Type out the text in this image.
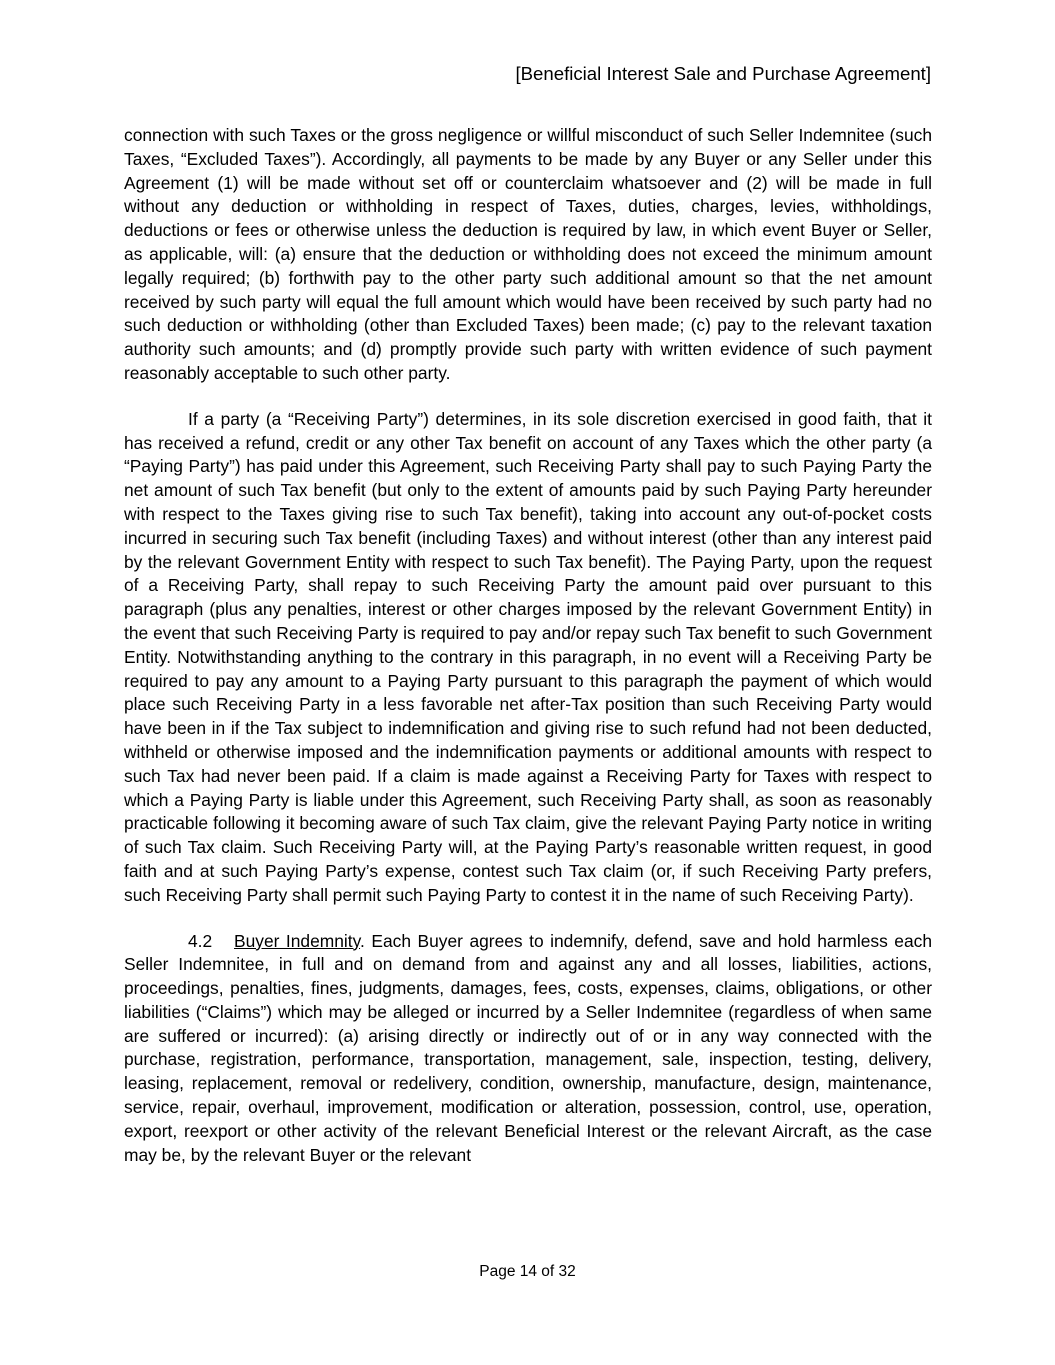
[Beneficial Interest Sale and Purchase Agreement]

connection with such Taxes or the gross negligence or willful misconduct of such Seller Indemnitee (such Taxes, “Excluded Taxes”). Accordingly, all payments to be made by any Buyer or any Seller under this Agreement (1) will be made without set off or counterclaim whatsoever and (2) will be made in full without any deduction or withholding in respect of Taxes, duties, charges, levies, withholdings, deductions or fees or otherwise unless the deduction is required by law, in which event Buyer or Seller, as applicable, will: (a) ensure that the deduction or withholding does not exceed the minimum amount legally required; (b) forthwith pay to the other party such additional amount so that the net amount received by such party will equal the full amount which would have been received by such party had no such deduction or withholding (other than Excluded Taxes) been made; (c) pay to the relevant taxation authority such amounts; and (d) promptly provide such party with written evidence of such payment reasonably acceptable to such other party.

If a party (a “Receiving Party”) determines, in its sole discretion exercised in good faith, that it has received a refund, credit or any other Tax benefit on account of any Taxes which the other party (a “Paying Party”) has paid under this Agreement, such Receiving Party shall pay to such Paying Party the net amount of such Tax benefit (but only to the extent of amounts paid by such Paying Party hereunder with respect to the Taxes giving rise to such Tax benefit), taking into account any out-of-pocket costs incurred in securing such Tax benefit (including Taxes) and without interest (other than any interest paid by the relevant Government Entity with respect to such Tax benefit). The Paying Party, upon the request of a Receiving Party, shall repay to such Receiving Party the amount paid over pursuant to this paragraph (plus any penalties, interest or other charges imposed by the relevant Government Entity) in the event that such Receiving Party is required to pay and/or repay such Tax benefit to such Government Entity. Notwithstanding anything to the contrary in this paragraph, in no event will a Receiving Party be required to pay any amount to a Paying Party pursuant to this paragraph the payment of which would place such Receiving Party in a less favorable net after-Tax position than such Receiving Party would have been in if the Tax subject to indemnification and giving rise to such refund had not been deducted, withheld or otherwise imposed and the indemnification payments or additional amounts with respect to such Tax had never been paid. If a claim is made against a Receiving Party for Taxes with respect to which a Paying Party is liable under this Agreement, such Receiving Party shall, as soon as reasonably practicable following it becoming aware of such Tax claim, give the relevant Paying Party notice in writing of such Tax claim. Such Receiving Party will, at the Paying Party’s reasonable written request, in good faith and at such Paying Party’s expense, contest such Tax claim (or, if such Receiving Party prefers, such Receiving Party shall permit such Paying Party to contest it in the name of such Receiving Party).

4.2 Buyer Indemnity. Each Buyer agrees to indemnify, defend, save and hold harmless each Seller Indemnitee, in full and on demand from and against any and all losses, liabilities, actions, proceedings, penalties, fines, judgments, damages, fees, costs, expenses, claims, obligations, or other liabilities (“Claims”) which may be alleged or incurred by a Seller Indemnitee (regardless of when same are suffered or incurred): (a) arising directly or indirectly out of or in any way connected with the purchase, registration, performance, transportation, management, sale, inspection, testing, delivery, leasing, replacement, removal or redelivery, condition, ownership, manufacture, design, maintenance, service, repair, overhaul, improvement, modification or alteration, possession, control, use, operation, export, reexport or other activity of the relevant Beneficial Interest or the relevant Aircraft, as the case may be, by the relevant Buyer or the relevant

Page 14 of 32
